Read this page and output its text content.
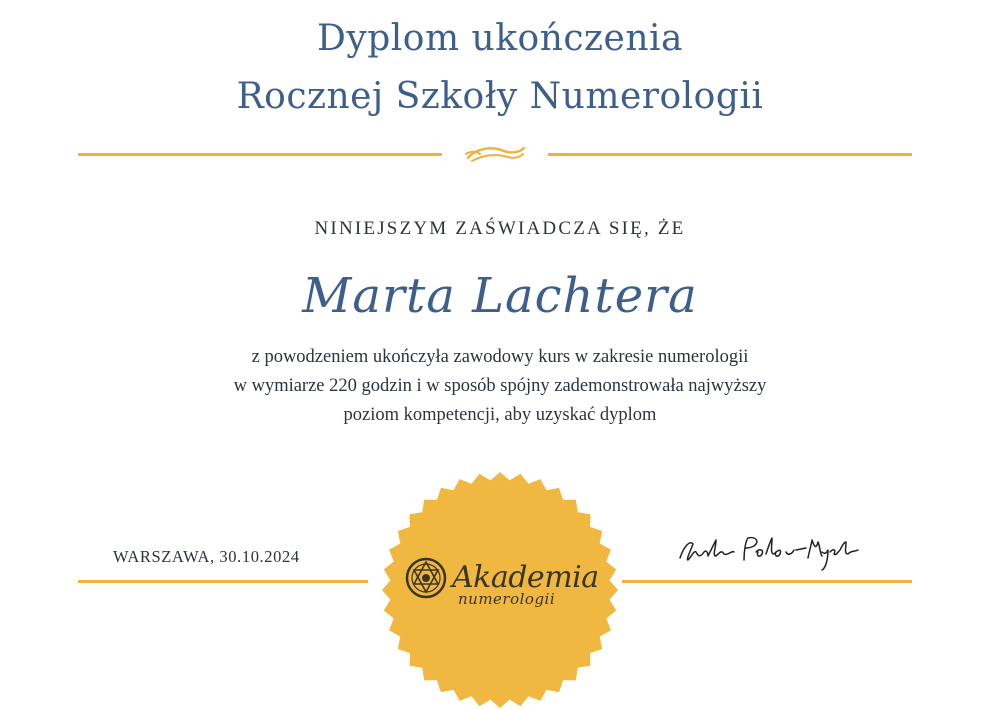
Dyplom ukończenia
Rocznej Szkoły Numerologii
NINIEJSZYM ZAŚWIADCZA SIĘ, ŻE
Marta Lachtera
z powodzeniem ukończyła zawodowy kurs w zakresie numerologii
w wymiarze 220 godzin i w sposób spójny zademonstrowała najwyższy
poziom kompetencji, aby uzyskać dyplom
WARSZAWA, 30.10.2024
Akademia
numerologii
